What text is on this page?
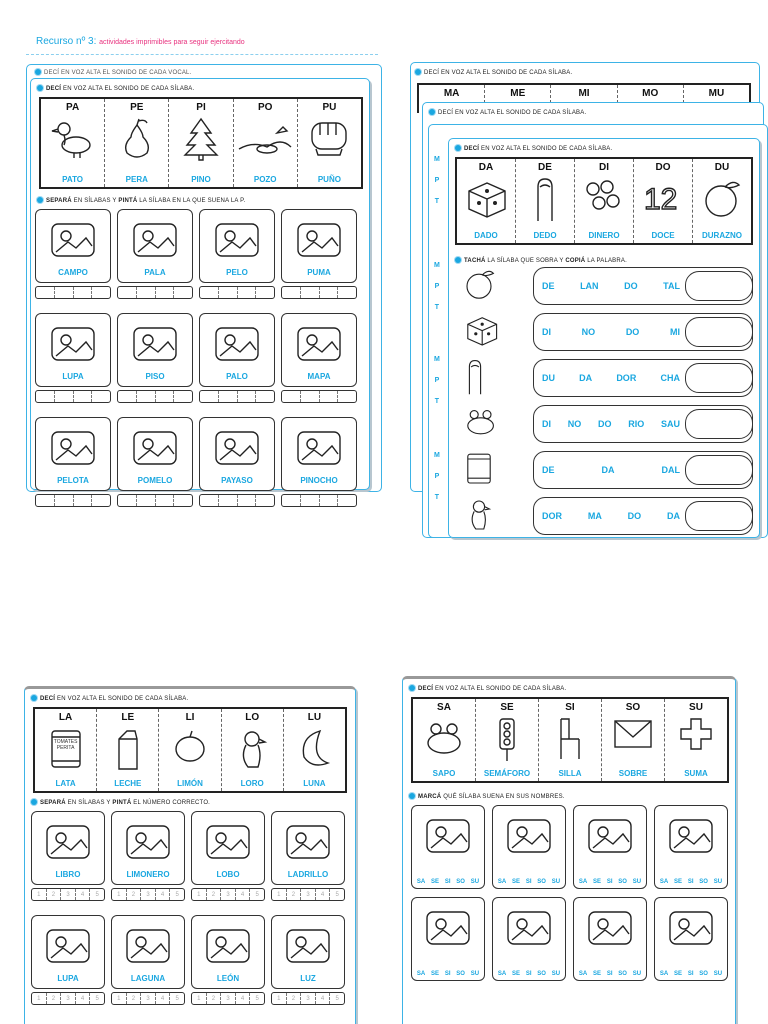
Recurso nº 3: actividades imprimibles para seguir ejercitando
DECÍ EN VOZ ALTA EL SONIDO DE CADA VOCAL.
DECÍ EN VOZ ALTA EL SONIDO DE CADA SÍLABA.
PA
PATO
PE
PERA
PI
PINO
PO
POZO
PU
PUÑO
SEPARÁ EN SÍLABAS Y PINTÁ LA SÍLABA EN LA QUE SUENA LA P.
CAMPO	PALA	PELO	PUMA
LUPA	PISO	PALO	MAPA
PELOTA	POMELO	PAYASO	PINOCHO
DECÍ EN VOZ ALTA EL SONIDO DE CADA SÍLABA.
MA	ME	MI	MO	MU
DECÍ EN VOZ ALTA EL SONIDO DE CADA SÍLABA.
M
P
T
M
P
T
M
P
T
M
P
T
DECÍ EN VOZ ALTA EL SONIDO DE CADA SÍLABA.
DA
DADO
DE
DEDO
DI
DINERO
DO
12
DOCE
DU
DURAZNO
TACHÁ LA SÍLABA QUE SOBRA Y COPIÁ LA PALABRA.
DE	LAN	DO	TAL
DI	NO	DO	MI
DU	DA	DOR	CHA
DI NO DO RIO SAU
DE	DA	DAL
DOR	MA	DO	DA
DECÍ EN VOZ ALTA EL SONIDO DE CADA SÍLABA.
LA
LATA
TOMATES PERITA
LE
LECHE
LI
LIMÓN
LO
LORO
LU
LUNA
SEPARÁ EN SÍLABAS Y PINTÁ EL NÚMERO CORRECTO.
LIBRO
1	2	3	4	5
LIMONERO
1	2	3	4	5
LOBO
1	2	3	4	5
LADRILLO
1	2	3	4	5
LUPA
1	2	3	4	5
LAGUNA
1	2	3	4	5
LEÓN
1	2	3	4	5
LUZ
1	2	3	4	5
DECÍ EN VOZ ALTA EL SONIDO DE CADA SÍLABA.
SA
SAPO
SE
SEMÁFORO
SI
SILLA
SO
SOBRE
SU
SUMA
MARCÁ QUÉ SÍLABA SUENA EN SUS NOMBRES.
SA SE SI SO SU	SA SE SI SO SU	SA SE SI SO SU	SA SE SI SO SU
SA SE SI SO SU	SA SE SI SO SU	SA SE SI SO SU	SA SE SI SO SU
